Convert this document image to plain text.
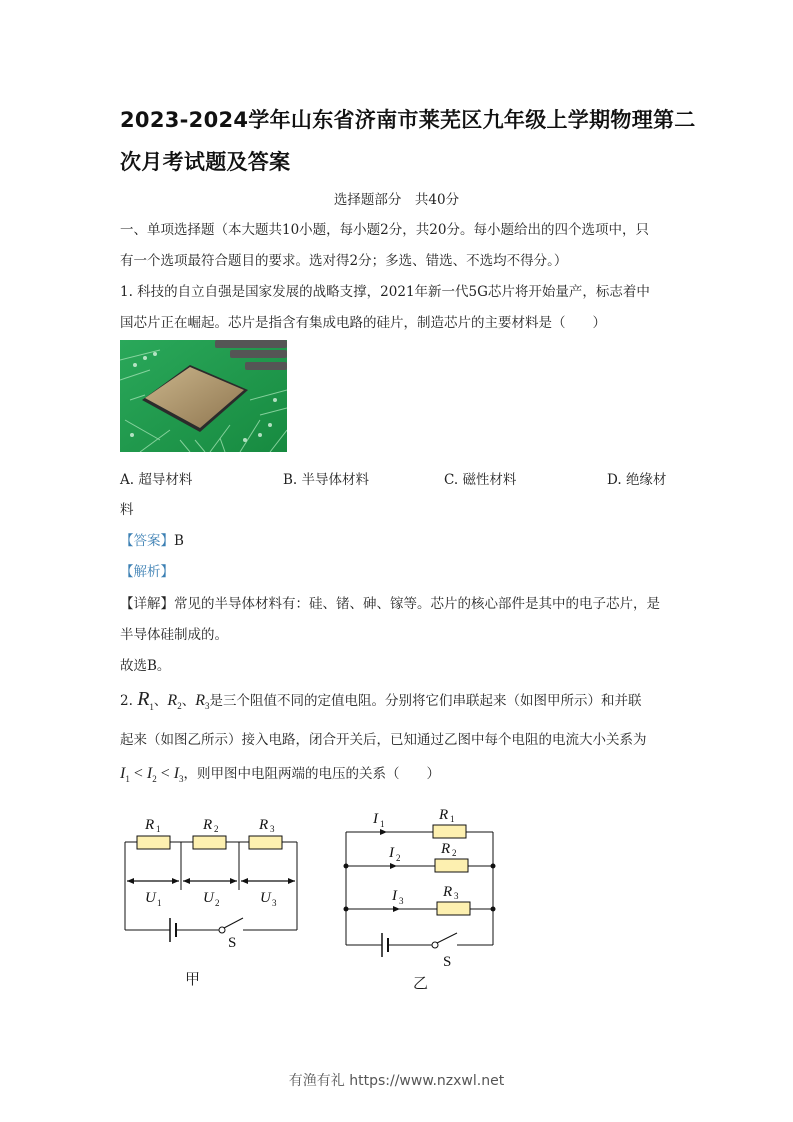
2023-2024学年山东省济南市莱芜区九年级上学期物理第二
次月考试题及答案
选择题部分　共40分
一、单项选择题（本大题共10小题，每小题2分，共20分。每小题给出的四个选项中，只
有一个选项最符合题目的要求。选对得2分；多选、错选、不选均不得分。）
1. 科技的自立自强是国家发展的战略支撑，2021年新一代5G芯片将开始量产，标志着中
国芯片正在崛起。芯片是指含有集成电路的硅片，制造芯片的主要材料是（　　）
A. 超导材料	B. 半导体材料	C. 磁性材料	D. 绝缘材
料
【答案】B
【解析】
【详解】常见的半导体材料有：硅、锗、砷、镓等。芯片的核心部件是其中的电子芯片，是
半导体硅制成的。
故选B。
2. $R_1$、$R_2$、$R_3$是三个阻值不同的定值电阻。分别将它们串联起来（如图甲所示）和并联
起来（如图乙所示）接入电路，闭合开关后，已知通过乙图中每个电阻的电流大小关系为
$I_1 < I_2 < I_3$，则甲图中电阻两端的电压的关系（　　）
R 1	R 2	R 3
U 1	U 2	U 3
S
甲
I 1
I 2
I 3
R 1
R 2
R 3
S
乙
有渔有礼 https://www.nzxwl.net
